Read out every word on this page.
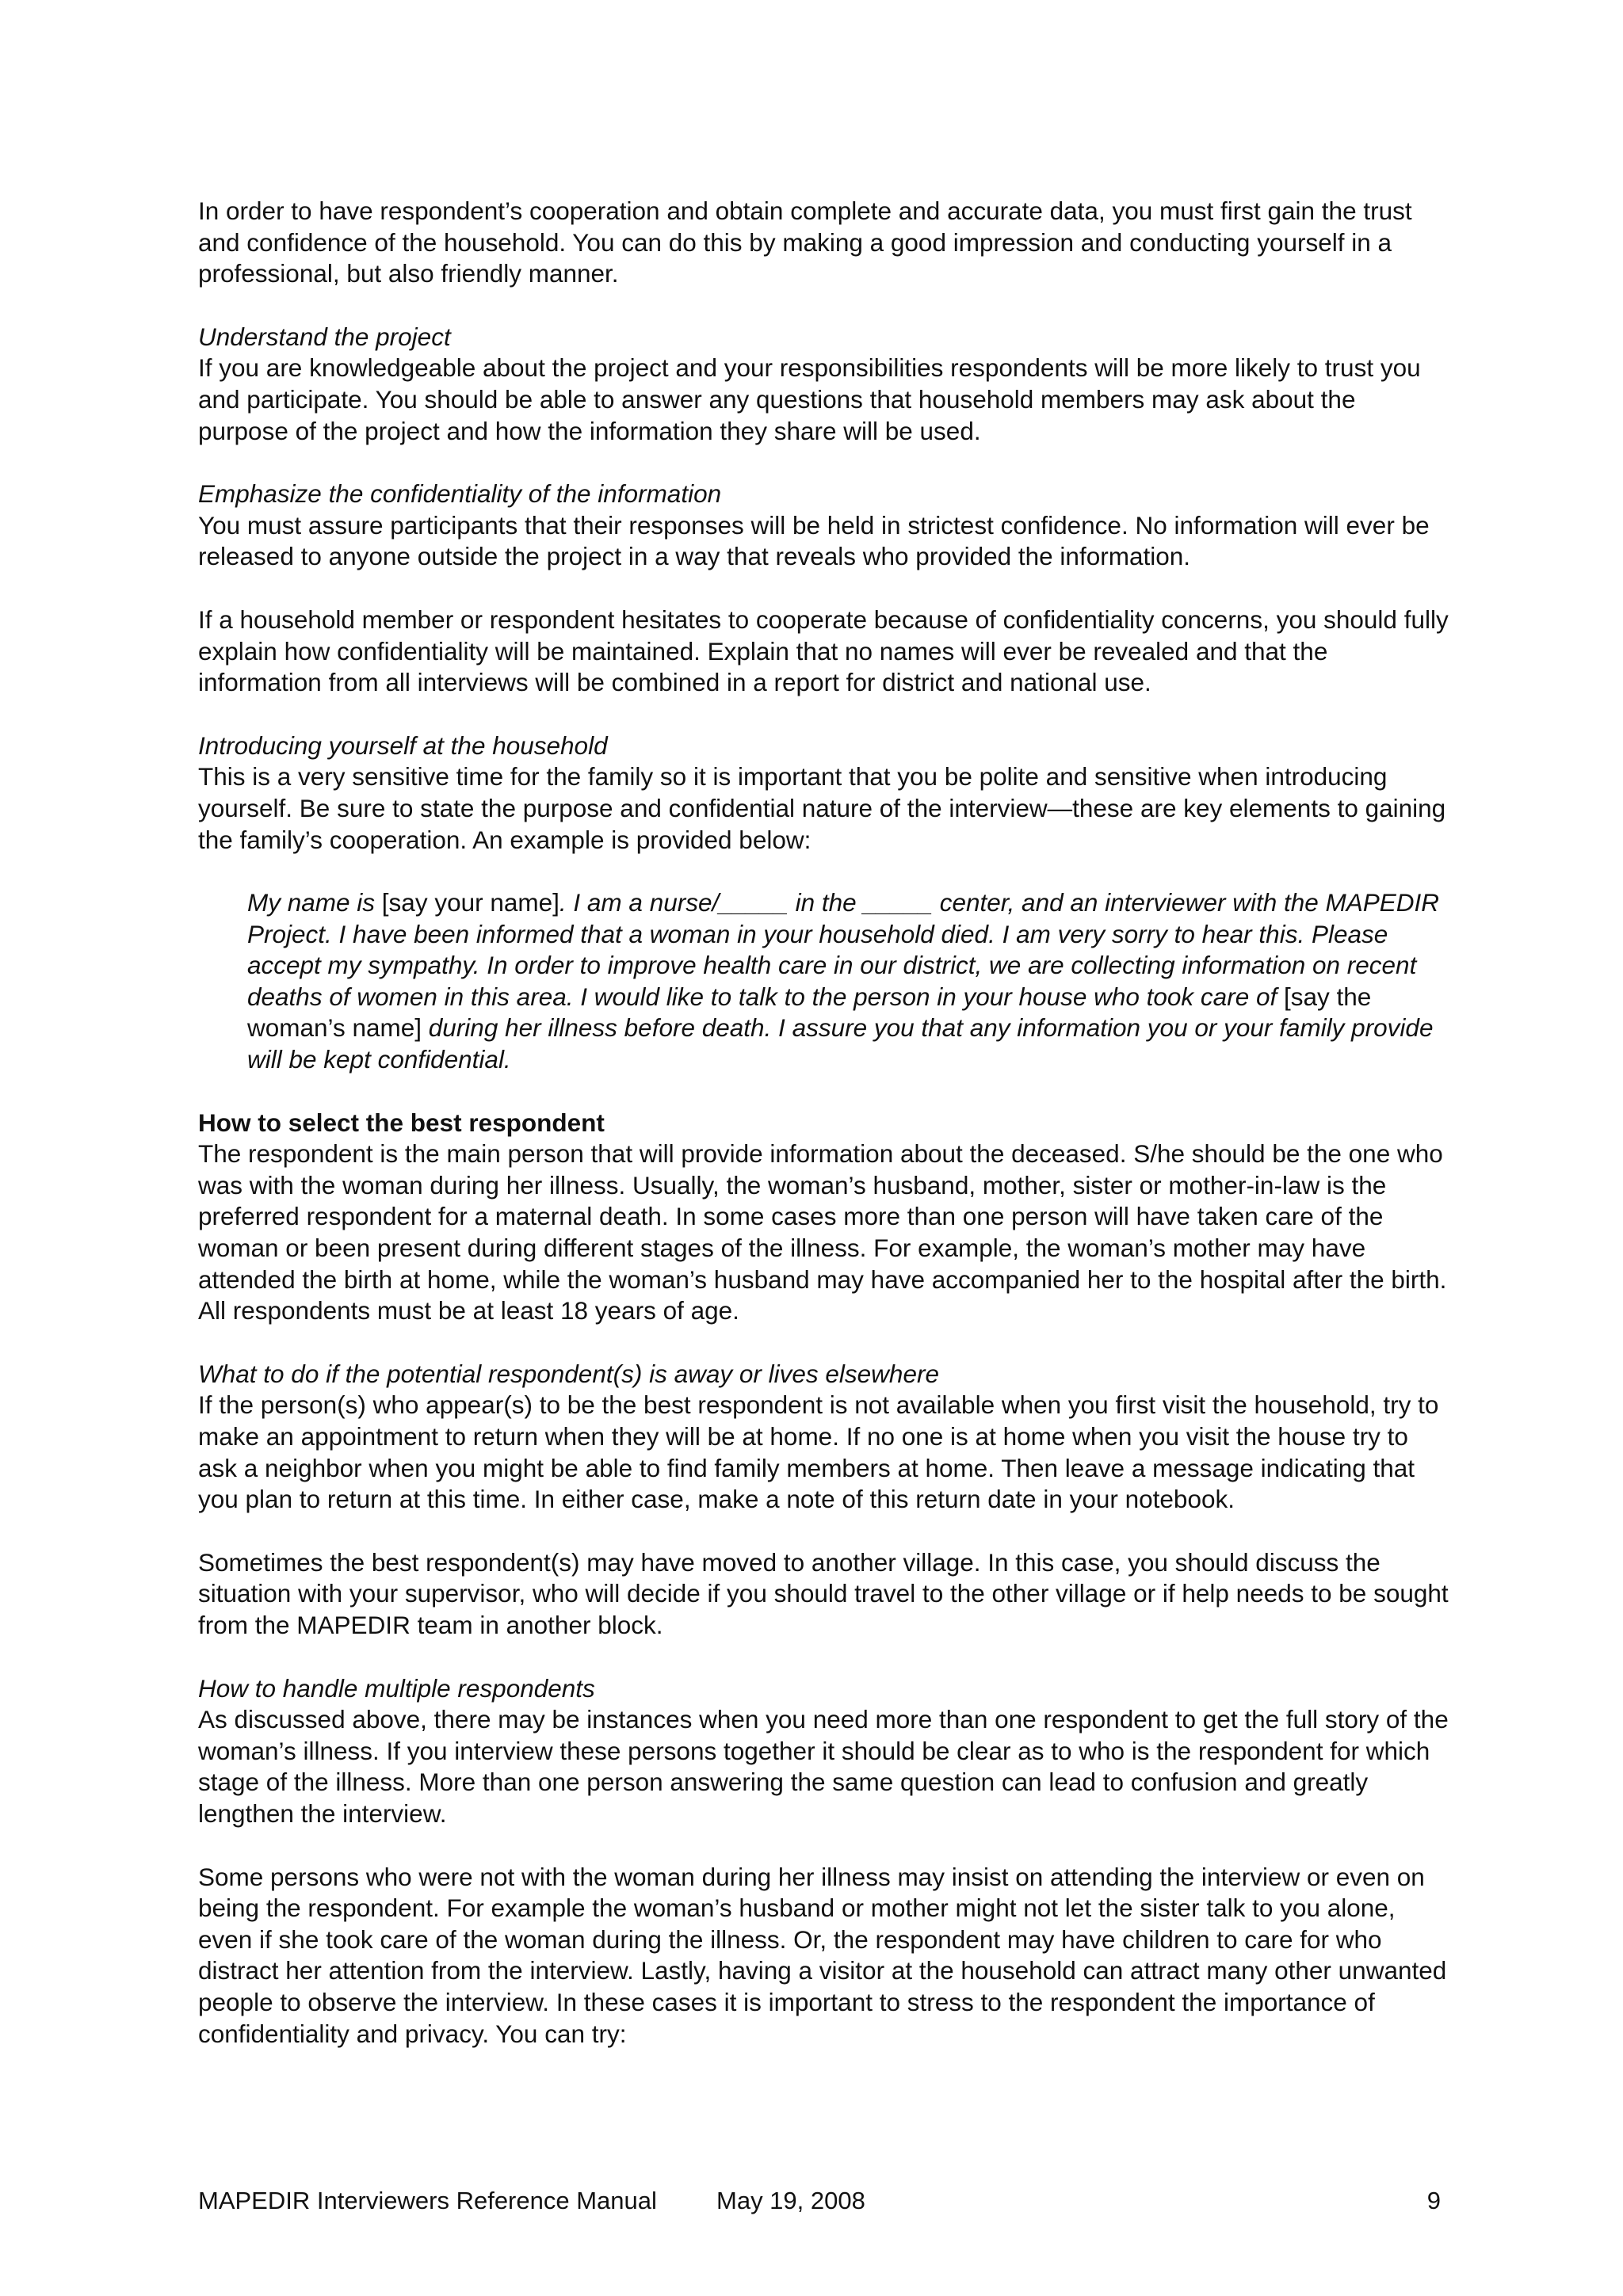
In order to have respondent’s cooperation and obtain complete and accurate data, you must first gain the trust and confidence of the household. You can do this by making a good impression and conducting yourself in a professional, but also friendly manner.

Understand the project
If you are knowledgeable about the project and your responsibilities respondents will be more likely to trust you and participate. You should be able to answer any questions that household members may ask about the purpose of the project and how the information they share will be used.

Emphasize the confidentiality of the information
You must assure participants that their responses will be held in strictest confidence. No information will ever be released to anyone outside the project in a way that reveals who provided the information.

If a household member or respondent hesitates to cooperate because of confidentiality concerns, you should fully explain how confidentiality will be maintained. Explain that no names will ever be revealed and that the information from all interviews will be combined in a report for district and national use.

Introducing yourself at the household
This is a very sensitive time for the family so it is important that you be polite and sensitive when introducing yourself. Be sure to state the purpose and confidential nature of the interview—these are key elements to gaining the family’s cooperation. An example is provided below:

My name is [say your name]. I am a nurse/_____ in the _____ center, and an interviewer with the MAPEDIR Project. I have been informed that a woman in your household died. I am very sorry to hear this. Please accept my sympathy. In order to improve health care in our district, we are collecting information on recent deaths of women in this area. I would like to talk to the person in your house who took care of [say the woman’s name] during her illness before death. I assure you that any information you or your family provide will be kept confidential.

How to select the best respondent
The respondent is the main person that will provide information about the deceased. S/he should be the one who was with the woman during her illness. Usually, the woman’s husband, mother, sister or mother-in-law is the preferred respondent for a maternal death. In some cases more than one person will have taken care of the woman or been present during different stages of the illness. For example, the woman’s mother may have attended the birth at home, while the woman’s husband may have accompanied her to the hospital after the birth. All respondents must be at least 18 years of age.

What to do if the potential respondent(s) is away or lives elsewhere
If the person(s) who appear(s) to be the best respondent is not available when you first visit the household, try to make an appointment to return when they will be at home. If no one is at home when you visit the house try to ask a neighbor when you might be able to find family members at home. Then leave a message indicating that you plan to return at this time. In either case, make a note of this return date in your notebook.

Sometimes the best respondent(s) may have moved to another village. In this case, you should discuss the situation with your supervisor, who will decide if you should travel to the other village or if help needs to be sought from the MAPEDIR team in another block.

How to handle multiple respondents
As discussed above, there may be instances when you need more than one respondent to get the full story of the woman’s illness. If you interview these persons together it should be clear as to who is the respondent for which stage of the illness. More than one person answering the same question can lead to confusion and greatly lengthen the interview.

Some persons who were not with the woman during her illness may insist on attending the interview or even on being the respondent. For example the woman’s husband or mother might not let the sister talk to you alone, even if she took care of the woman during the illness. Or, the respondent may have children to care for who distract her attention from the interview. Lastly, having a visitor at the household can attract many other unwanted people to observe the interview. In these cases it is important to stress to the respondent the importance of confidentiality and privacy. You can try:

MAPEDIR Interviewers Reference Manual May 19, 2008	9
